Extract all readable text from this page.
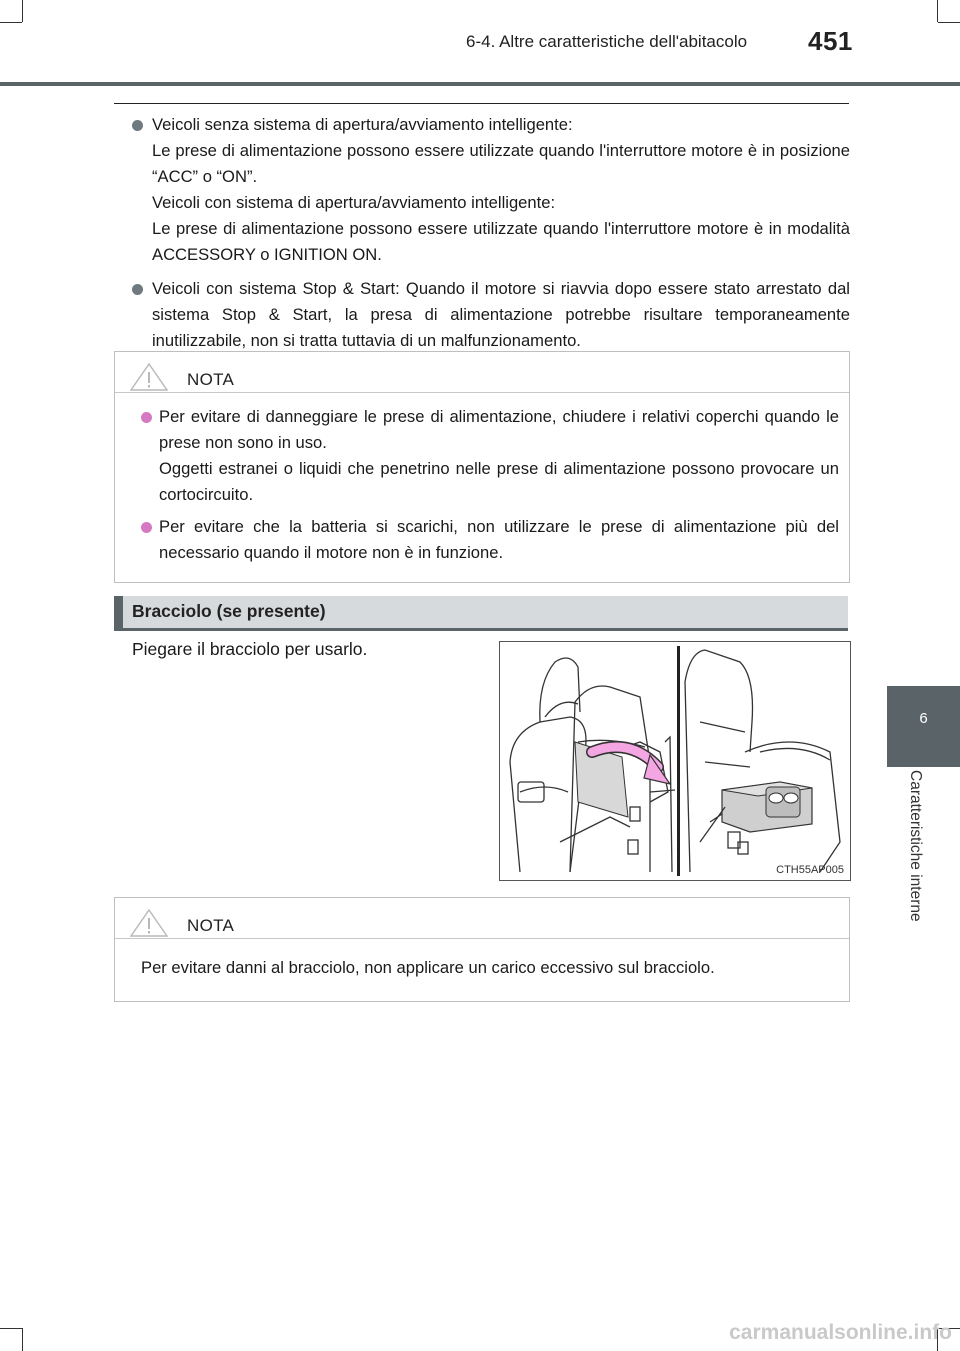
6-4. Altre caratteristiche dell'abitacolo 451
6
Caratteristiche interne
Veicoli senza sistema di apertura/avviamento intelligente:
Le prese di alimentazione possono essere utilizzate quando l'interruttore motore è in posizione “ACC” o “ON”.
Veicoli con sistema di apertura/avviamento intelligente:
Le prese di alimentazione possono essere utilizzate quando l'interruttore motore è in modalità ACCESSORY o IGNITION ON.
Veicoli con sistema Stop & Start: Quando il motore si riavvia dopo essere stato arrestato dal sistema Stop & Start, la presa di alimentazione potrebbe risultare temporaneamente inutilizzabile, non si tratta tuttavia di un malfunzionamento.
NOTA
Per evitare di danneggiare le prese di alimentazione, chiudere i relativi coperchi quando le prese non sono in uso.
Oggetti estranei o liquidi che penetrino nelle prese di alimentazione possono provocare un cortocircuito.
Per evitare che la batteria si scarichi, non utilizzare le prese di alimentazione più del necessario quando il motore non è in funzione.
Bracciolo (se presente)
Piegare il bracciolo per usarlo.
CTH55AP005
NOTA
Per evitare danni al bracciolo, non applicare un carico eccessivo sul bracciolo.
carmanualsonline.info
